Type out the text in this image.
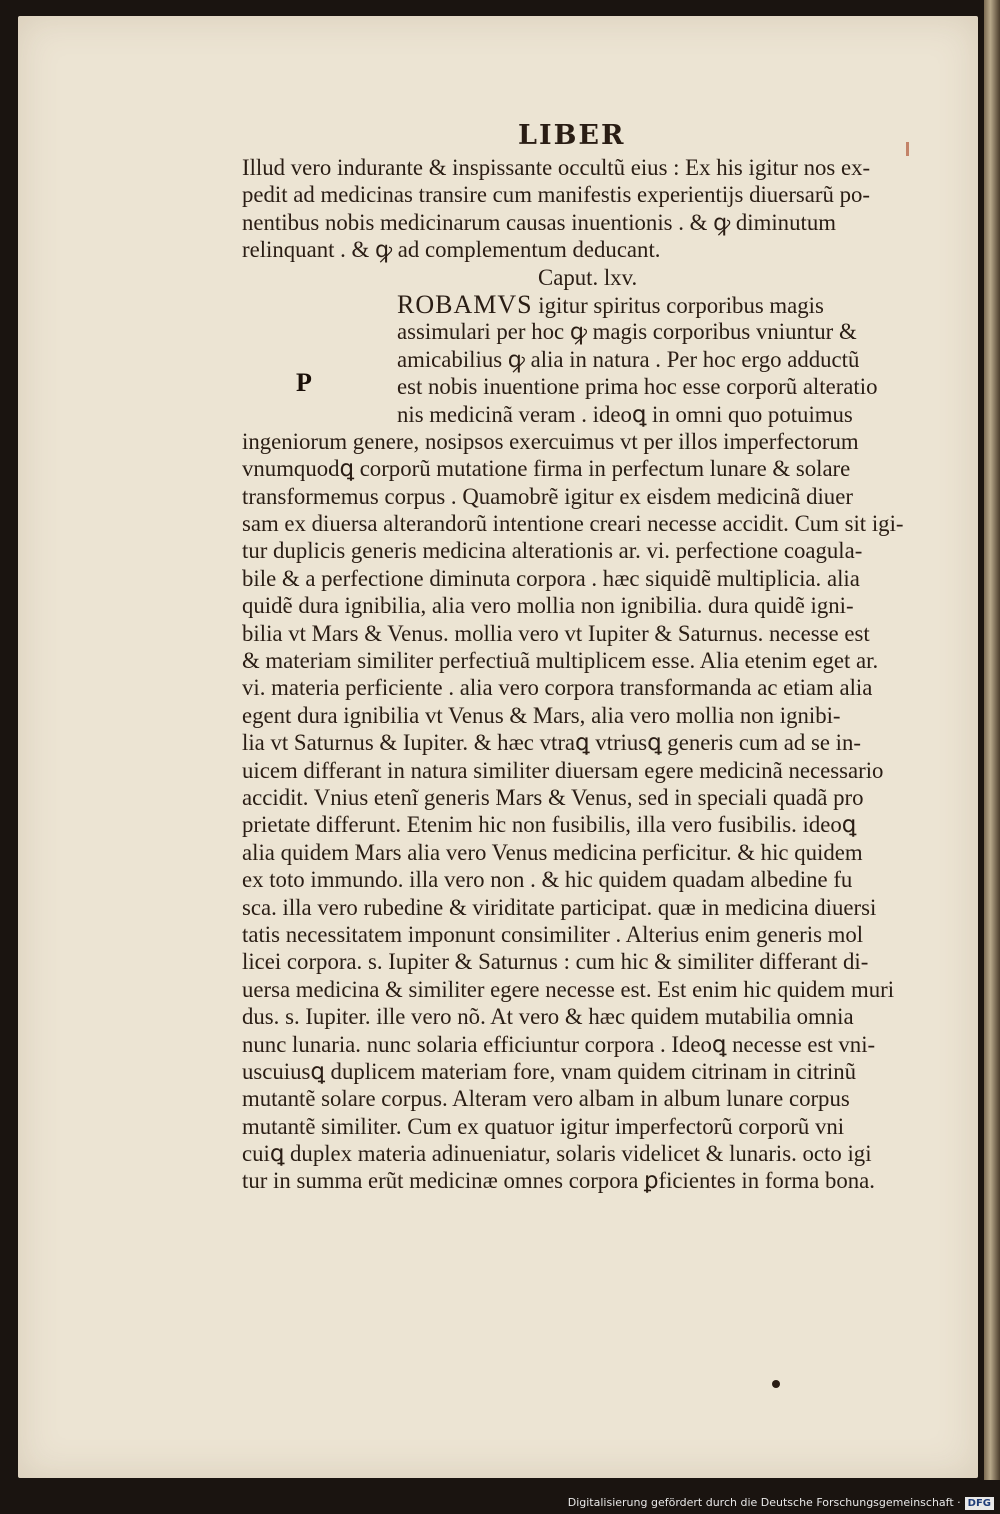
LIBER
P
Illud vero indurante & inspissante occultũ eius : Ex his igitur nos ex-
pedit ad medicinas transire cum manifestis experientijs diuersarũ po-
nentibus nobis medicinarum causas inuentionis . & ꝙ diminutum
relinquant . & ꝙ ad complementum deducant.
Caput. lxv.
ROBAMVS igitur spiritus corporibus magis
assimulari per hoc ꝙ magis corporibus vniuntur &
amicabilius ꝙ alia in natura . Per hoc ergo adductũ
est nobis inuentione prima hoc esse corporũ alteratio
nis medicinã veram . ideoꝗ in omni quo potuimus
ingeniorum genere, nosipsos exercuimus vt per illos imperfectorum
vnumquodꝗ corporũ mutatione firma in perfectum lunare & solare
transformemus corpus . Quamobrẽ igitur ex eisdem medicinã diuer
sam ex diuersa alterandorũ intentione creari necesse accidit. Cum sit igi-
tur duplicis generis medicina alterationis ar. vi. perfectione coagula-
bile & a perfectione diminuta corpora . hæc siquidẽ multiplicia. alia
quidẽ dura ignibilia, alia vero mollia non ignibilia. dura quidẽ igni-
bilia vt Mars & Venus. mollia vero vt Iupiter & Saturnus. necesse est
& materiam similiter perfectiuã multiplicem esse. Alia etenim eget ar.
vi. materia perficiente . alia vero corpora transformanda ac etiam alia
egent dura ignibilia vt Venus & Mars, alia vero mollia non ignibi-
lia vt Saturnus & Iupiter. & hæc vtraꝗ vtriusꝗ generis cum ad se in-
uicem differant in natura similiter diuersam egere medicinã necessario
accidit. Vnius etenĩ generis Mars & Venus, sed in speciali quadã pro
prietate differunt. Etenim hic non fusibilis, illa vero fusibilis. ideoꝗ
alia quidem Mars alia vero Venus medicina perficitur. & hic quidem
ex toto immundo. illa vero non . & hic quidem quadam albedine fu
sca. illa vero rubedine & viriditate participat. quæ in medicina diuersi
tatis necessitatem imponunt consimiliter . Alterius enim generis mol
licei corpora. s. Iupiter & Saturnus : cum hic & similiter differant di-
uersa medicina & similiter egere necesse est. Est enim hic quidem muri
dus. s. Iupiter. ille vero nõ. At vero & hæc quidem mutabilia omnia
nunc lunaria. nunc solaria efficiuntur corpora . Ideoꝗ necesse est vni-
uscuiusꝗ duplicem materiam fore, vnam quidem citrinam in citrinũ
mutantẽ solare corpus. Alteram vero albam in album lunare corpus
mutantẽ similiter. Cum ex quatuor igitur imperfectorũ corporũ vni
cuiꝗ duplex materia adinueniatur, solaris videlicet & lunaris. octo igi
tur in summa erũt medicinæ omnes corpora ꝑficientes in forma bona.
Digitalisierung gefördert durch die Deutsche Forschungsgemeinschaft · DFG
